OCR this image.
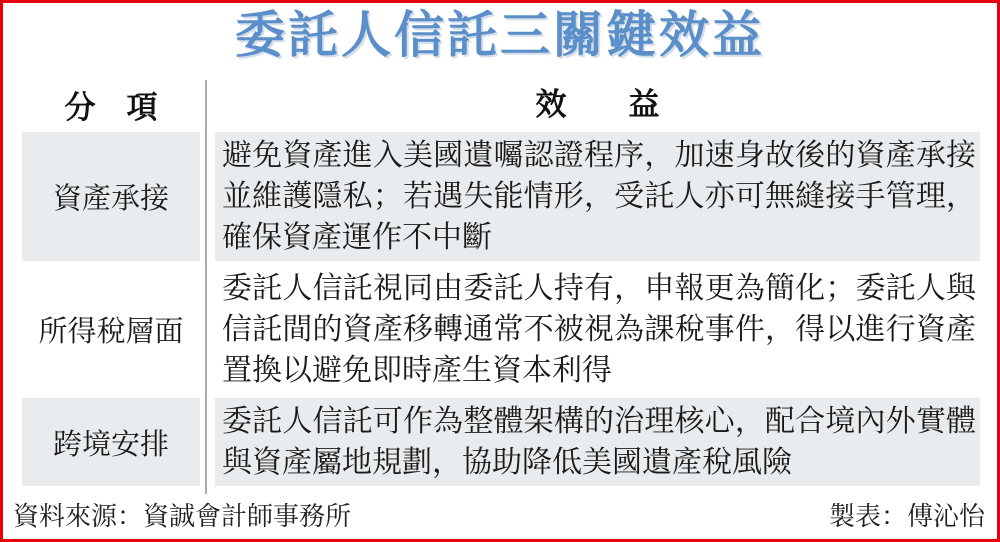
委託人信託三關鍵效益
分　項	效　　益
資產承接
避免資產進入美國遺囑認證程序，加速身故後的資產承接並維護隱私；若遇失能情形，受託人亦可無縫接手管理，確保資產運作不中斷
所得稅層面
委託人信託視同由委託人持有，申報更為簡化；委託人與信託間的資產移轉通常不被視為課稅事件，得以進行資產置換以避免即時產生資本利得
跨境安排
委託人信託可作為整體架構的治理核心，配合境內外實體與資產屬地規劃，協助降低美國遺產稅風險
資料來源：資誠會計師事務所	製表：傅沁怡
